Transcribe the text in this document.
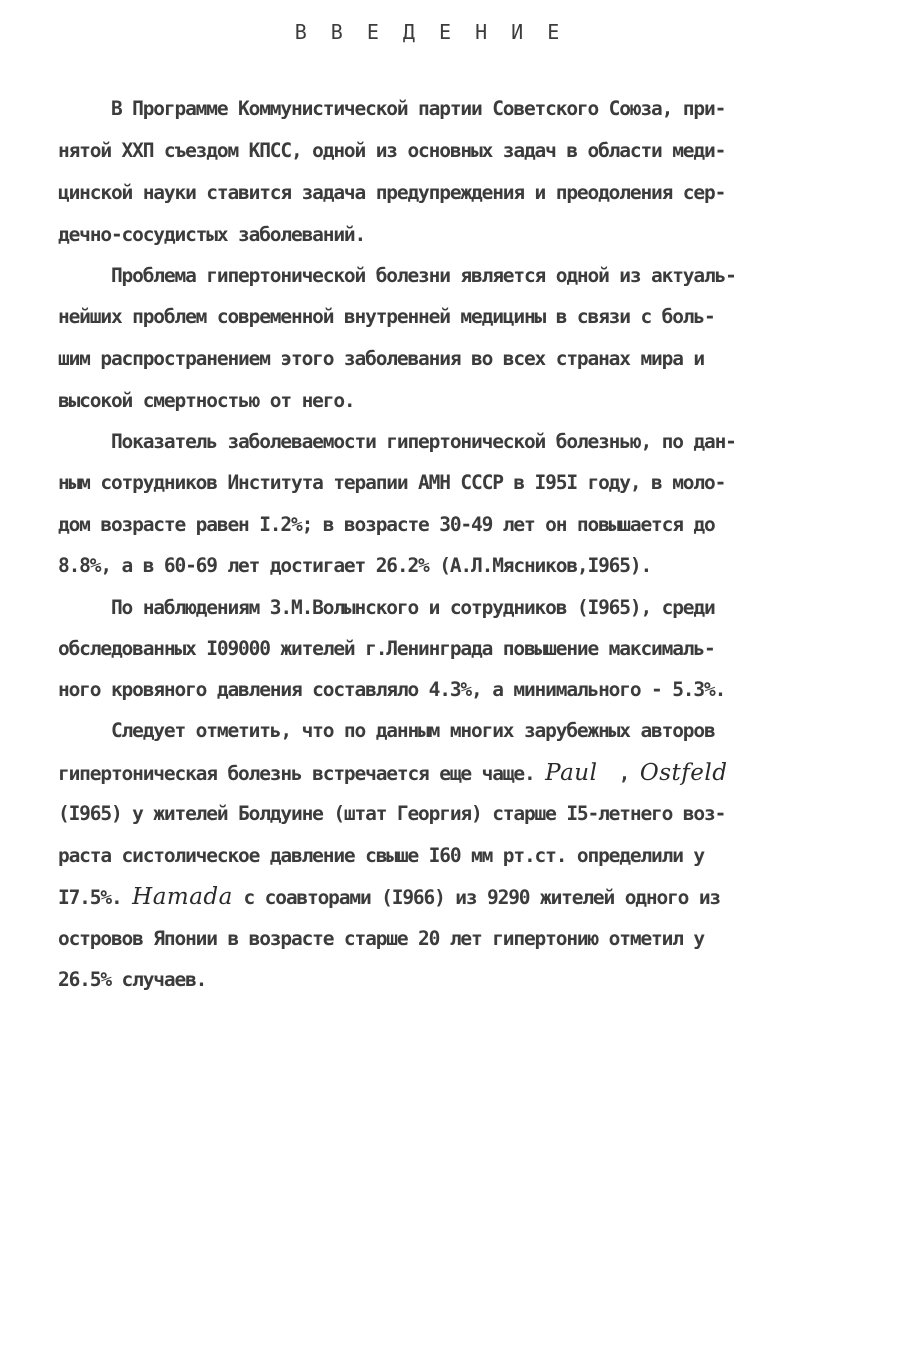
В В Е Д Е Н И Е
В Программе Коммунистической партии Советского Союза, при-
нятой ХХП съездом КПСС, одной из основных задач в области меди-
цинской науки ставится задача предупреждения и преодоления сер-
дечно-сосудистых заболеваний.
Проблема гипертонической болезни является одной из актуаль-
нейших проблем современной внутренней медицины в связи с боль-
шим распространением этого заболевания во всех странах мира и
высокой смертностью от него.
Показатель заболеваемости гипертонической болезнью, по дан-
ным сотрудников Института терапии АМН СССР в I95I году, в моло-
дом возрасте равен I.2%; в возрасте 30-49 лет он повышается до
8.8%, а в 60-69 лет достигает 26.2% (А.Л.Мясников,I965).
По наблюдениям З.М.Волынского и сотрудников (I965), среди
обследованных I09000 жителей г.Ленинграда повышение максималь-
ного кровяного давления составляло 4.3%, а минимального - 5.3%.
Следует отметить, что по данным многих зарубежных авторов
гипертоническая болезнь встречается еще чаще. Paul  , Ostfeld
(I965) у жителей Болдуине (штат Георгия) старше I5-летнего воз-
раста систолическое давление свыше I60 мм рт.ст. определили у
I7.5%. Hamada с соавторами (I966) из 9290 жителей одного из
островов Японии в возрасте старше 20 лет гипертонию отметил у
26.5% случаев.
